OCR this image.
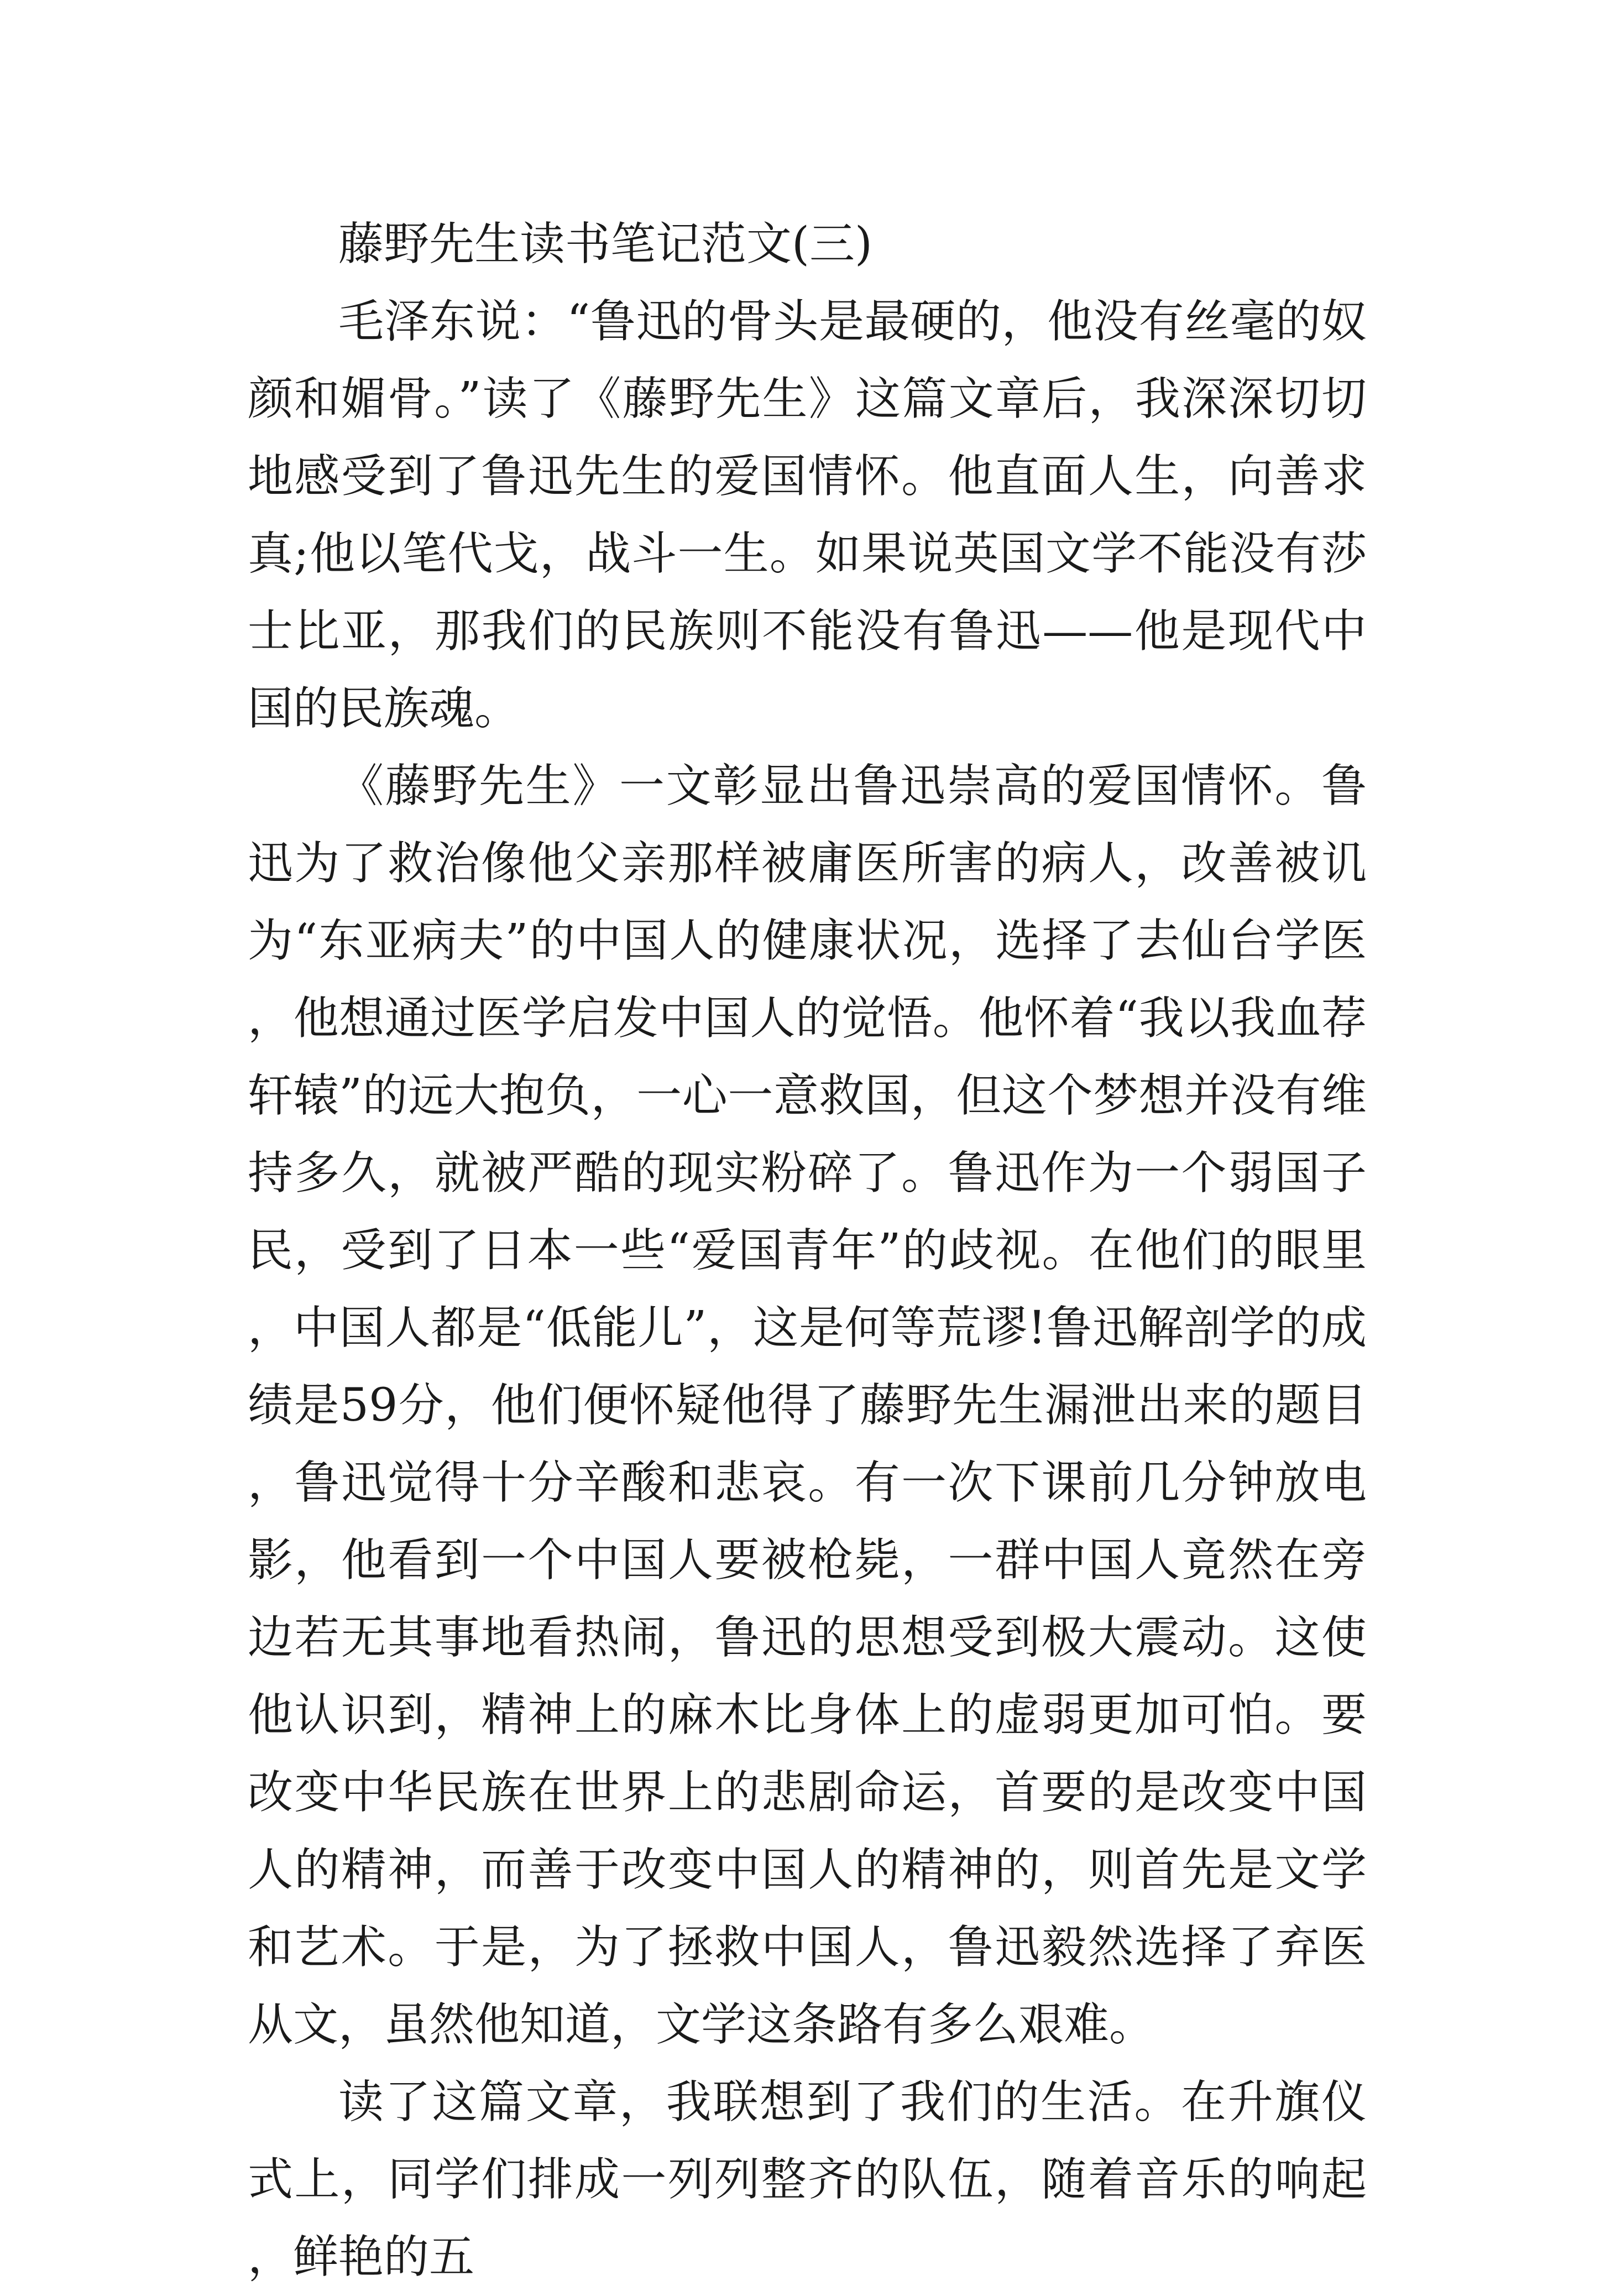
藤野先生读书笔记范文(三)

毛泽东说：“鲁迅的骨头是最硬的，他没有丝毫的奴颜和媚骨。”读了《藤野先生》这篇文章后，我深深切切地感受到了鲁迅先生的爱国情怀。他直面人生，向善求真;他以笔代戈，战斗一生。如果说英国文学不能没有莎士比亚，那我们的民族则不能没有鲁迅——他是现代中国的民族魂。

《藤野先生》一文彰显出鲁迅崇高的爱国情怀。鲁迅为了救治像他父亲那样被庸医所害的病人，改善被讥为“东亚病夫”的中国人的健康状况，选择了去仙台学医，他想通过医学启发中国人的觉悟。他怀着“我以我血荐轩辕”的远大抱负，一心一意救国，但这个梦想并没有维持多久，就被严酷的现实粉碎了。鲁迅作为一个弱国子民，受到了日本一些“爱国青年”的歧视。在他们的眼里，中国人都是“低能儿”，这是何等荒谬!鲁迅解剖学的成绩是59分，他们便怀疑他得了藤野先生漏泄出来的题目，鲁迅觉得十分辛酸和悲哀。有一次下课前几分钟放电影，他看到一个中国人要被枪毙，一群中国人竟然在旁边若无其事地看热闹，鲁迅的思想受到极大震动。这使他认识到，精神上的麻木比身体上的虚弱更加可怕。要改变中华民族在世界上的悲剧命运，首要的是改变中国人的精神，而善于改变中国人的精神的，则首先是文学和艺术。于是，为了拯救中国人，鲁迅毅然选择了弃医从文，虽然他知道，文学这条路有多么艰难。

读了这篇文章，我联想到了我们的生活。在升旗仪式上，同学们排成一列列整齐的队伍，随着音乐的响起，鲜艳的五
